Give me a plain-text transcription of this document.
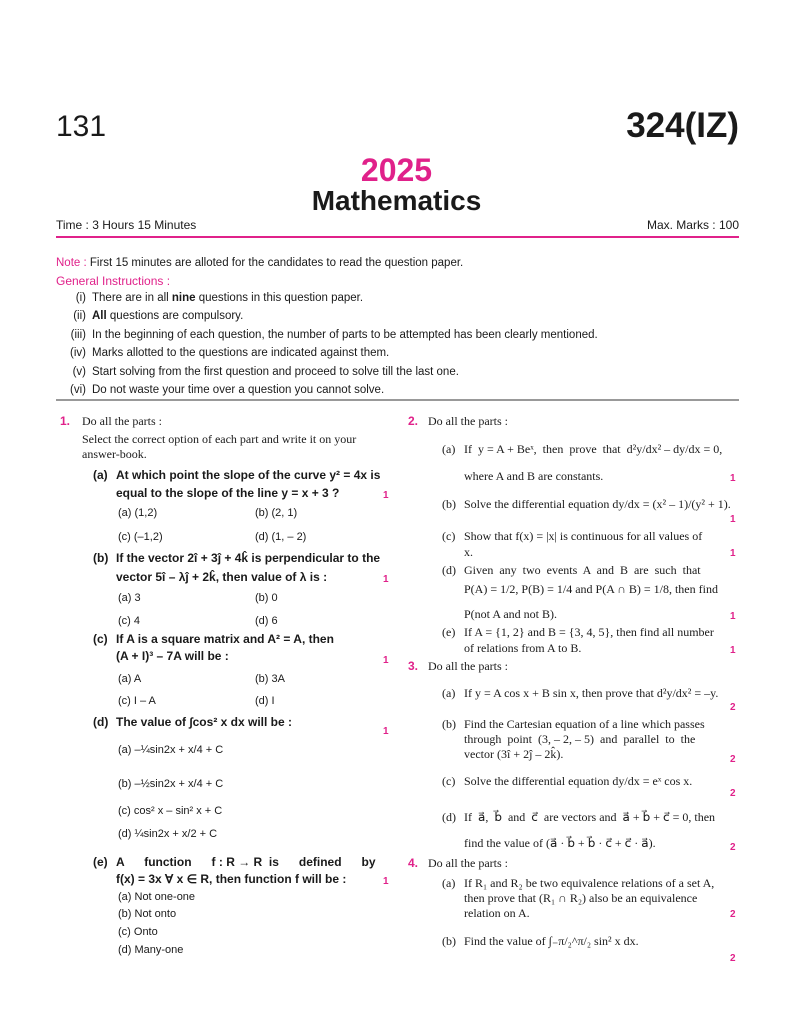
131	324(IZ)
2025
Mathematics
Time : 3 Hours 15 Minutes	Max. Marks : 100
Note : First 15 minutes are alloted for the candidates to read the question paper.
General Instructions :
(i) There are in all nine questions in this question paper.
(ii) All questions are compulsory.
(iii) In the beginning of each question, the number of parts to be attempted has been clearly mentioned.
(iv) Marks allotted to the questions are indicated against them.
(v) Start solving from the first question and proceed to solve till the last one.
(vi) Do not waste your time over a question you cannot solve.
1. Do all the parts :
Select the correct option of each part and write it on your answer-book.
(a) At which point the slope of the curve y² = 4x is
equal to the slope of the line y = x + 3 ?	1
(a) (1,2)	(b) (2, 1)
(c) (–1,2)	(d) (1, – 2)
(b) If the vector 2î + 3ĵ + 4k̂ is perpendicular to the
vector 5î – λĵ + 2k̂, then value of λ is :	1
(a) 3	(b) 0
(c) 4	(d) 6
(c) If A is a square matrix and A² = A, then
(A + I)³ – 7A will be :	1
(a) A	(b) 3A
(c) I – A	(d) I
(d) The value of ∫cos² x dx will be :
1
(a) –¼sin2x + x/4 + C
(b) –½sin2x + x/4 + C
(c) cos² x – sin² x + C
(d) ¼sin2x + x/2 + C
(e) A      function      f : R → R  is      defined      by
f(x) = 3x ∀ x ∈ R, then function f will be :	1
(a) Not one-one
(b) Not onto
(c) Onto
(d) Many-one
2. Do all the parts :
(a) If  y = A + Beˣ,  then  prove  that  d²y/dx² – dy/dx = 0,
where A and B are constants.	1
(b) Solve the differential equation dy/dx = (x² – 1)/(y² + 1).
1
(c) Show that f(x) = |x| is continuous for all values of
x.	1
(d) Given  any  two  events  A  and  B  are  such  that
P(A) = 1/2, P(B) = 1/4 and P(A ∩ B) = 1/8, then find
P(not A and not B).	1
(e) If A = {1, 2} and B = {3, 4, 5}, then find all number
of relations from A to B.	1
3. Do all the parts :
(a) If y = A cos x + B sin x, then prove that d²y/dx² = –y.
2
(b) Find the Cartesian equation of a line which passes
through  point  (3, – 2, – 5)  and  parallel  to  the
vector (3î + 2ĵ – 2k̂).	2
(c) Solve the differential equation dy/dx = eˣ cos x.
2
(d) If  a⃗,  b⃗  and  c⃗  are vectors and  a⃗ + b⃗ + c⃗ = 0, then
find the value of (a⃗ · b⃗ + b⃗ · c⃗ + c⃗ · a⃗).	2
4. Do all the parts :
(a) If R₁ and R₂ be two equivalence relations of a set A,
then prove that (R₁ ∩ R₂) also be an equivalence
relation on A.	2
(b) Find the value of ∫₋π/₂^π/₂ sin² x dx.
2
